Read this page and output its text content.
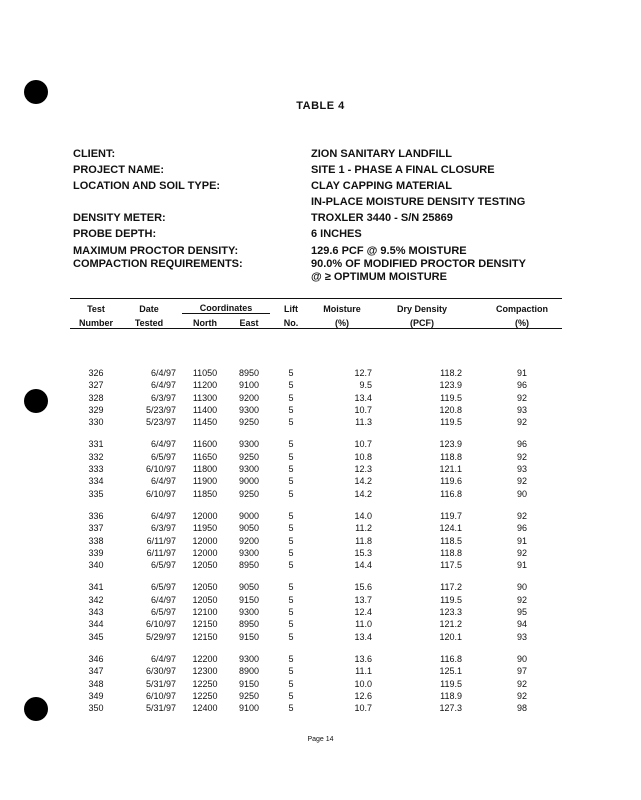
TABLE 4
CLIENT:	ZION SANITARY LANDFILL
PROJECT NAME:	SITE 1 - PHASE A FINAL CLOSURE
LOCATION AND SOIL TYPE:	CLAY CAPPING MATERIAL
IN-PLACE MOISTURE DENSITY TESTING
DENSITY METER:	TROXLER 3440 - S/N 25869
PROBE DEPTH:	6 INCHES
MAXIMUM PROCTOR DENSITY:	129.6 PCF @ 9.5% MOISTURE
COMPACTION REQUIREMENTS:	90.0% OF MODIFIED PROCTOR DENSITY
@ ≥ OPTIMUM MOISTURE
Test	Date	Coordinates		Lift	Moisture	Dry Density	Compaction
Number	Tested	North	East	No.	(%)	(PCF)	(%)

326	6/4/97	11050	8950	5	12.7	118.2	91
327	6/4/97	11200	9100	5	9.5	123.9	96
328	6/3/97	11300	9200	5	13.4	119.5	92
329	5/23/97	11400	9300	5	10.7	120.8	93
330	5/23/97	11450	9250	5	11.3	119.5	92

331	6/4/97	11600	9300	5	10.7	123.9	96
332	6/5/97	11650	9250	5	10.8	118.8	92
333	6/10/97	11800	9300	5	12.3	121.1	93
334	6/4/97	11900	9000	5	14.2	119.6	92
335	6/10/97	11850	9250	5	14.2	116.8	90

336	6/4/97	12000	9000	5	14.0	119.7	92
337	6/3/97	11950	9050	5	11.2	124.1	96
338	6/11/97	12000	9200	5	11.8	118.5	91
339	6/11/97	12000	9300	5	15.3	118.8	92
340	6/5/97	12050	8950	5	14.4	117.5	91

341	6/5/97	12050	9050	5	15.6	117.2	90
342	6/4/97	12050	9150	5	13.7	119.5	92
343	6/5/97	12100	9300	5	12.4	123.3	95
344	6/10/97	12150	8950	5	11.0	121.2	94
345	5/29/97	12150	9150	5	13.4	120.1	93

346	6/4/97	12200	9300	5	13.6	116.8	90
347	6/30/97	12300	8900	5	11.1	125.1	97
348	5/31/97	12250	9150	5	10.0	119.5	92
349	6/10/97	12250	9250	5	12.6	118.9	92
350	5/31/97	12400	9100	5	10.7	127.3	98
Page 14
